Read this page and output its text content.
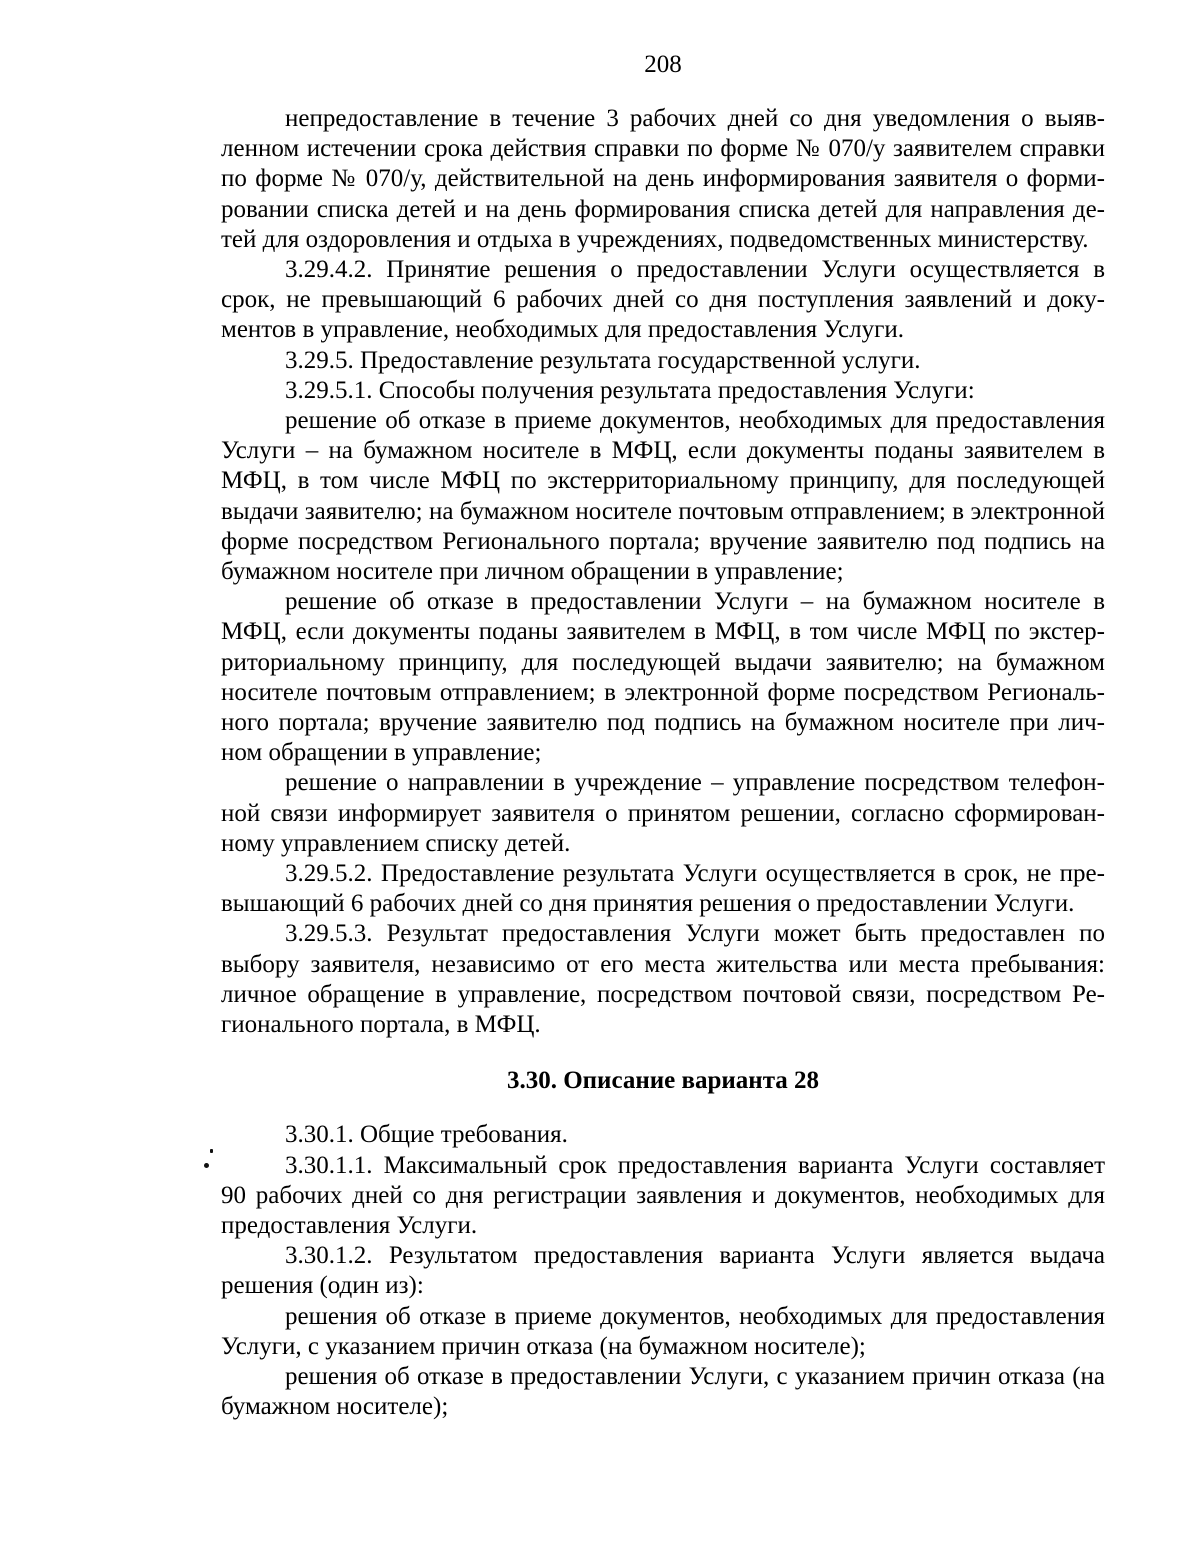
208

непредоставление в течение 3 рабочих дней со дня уведомления о выявленном истечении срока действия справки по форме № 070/у заявителем справки по форме № 070/у, действительной на день информирования заявителя о формировании списка детей и на день формирования списка детей для направления детей для оздоровления и отдыха в учреждениях, подведомственных министерству.

3.29.4.2. Принятие решения о предоставлении Услуги осуществляется в срок, не превышающий 6 рабочих дней со дня поступления заявлений и документов в управление, необходимых для предоставления Услуги.

3.29.5. Предоставление результата государственной услуги.

3.29.5.1. Способы получения результата предоставления Услуги:

решение об отказе в приеме документов, необходимых для предоставления Услуги – на бумажном носителе в МФЦ, если документы поданы заявителем в МФЦ, в том числе МФЦ по экстерриториальному принципу, для последующей выдачи заявителю; на бумажном носителе почтовым отправлением; в электронной форме посредством Регионального портала; вручение заявителю под подпись на бумажном носителе при личном обращении в управление;

решение об отказе в предоставлении Услуги – на бумажном носителе в МФЦ, если документы поданы заявителем в МФЦ, в том числе МФЦ по экстерриториальному принципу, для последующей выдачи заявителю; на бумажном носителе почтовым отправлением; в электронной форме посредством Регионального портала; вручение заявителю под подпись на бумажном носителе при личном обращении в управление;

решение о направлении в учреждение – управление посредством телефонной связи информирует заявителя о принятом решении, согласно сформированному управлением списку детей.

3.29.5.2. Предоставление результата Услуги осуществляется в срок, не превышающий 6 рабочих дней со дня принятия решения о предоставлении Услуги.

3.29.5.3. Результат предоставления Услуги может быть предоставлен по выбору заявителя, независимо от его места жительства или места пребывания: личное обращение в управление, посредством почтовой связи, посредством Регионального портала, в МФЦ.

3.30. Описание варианта 28

3.30.1. Общие требования.

3.30.1.1. Максимальный срок предоставления варианта Услуги составляет 90 рабочих дней со дня регистрации заявления и документов, необходимых для предоставления Услуги.

3.30.1.2. Результатом предоставления варианта Услуги является выдача решения (один из):

решения об отказе в приеме документов, необходимых для предоставления Услуги, с указанием причин отказа (на бумажном носителе);

решения об отказе в предоставлении Услуги, с указанием причин отказа (на бумажном носителе);
